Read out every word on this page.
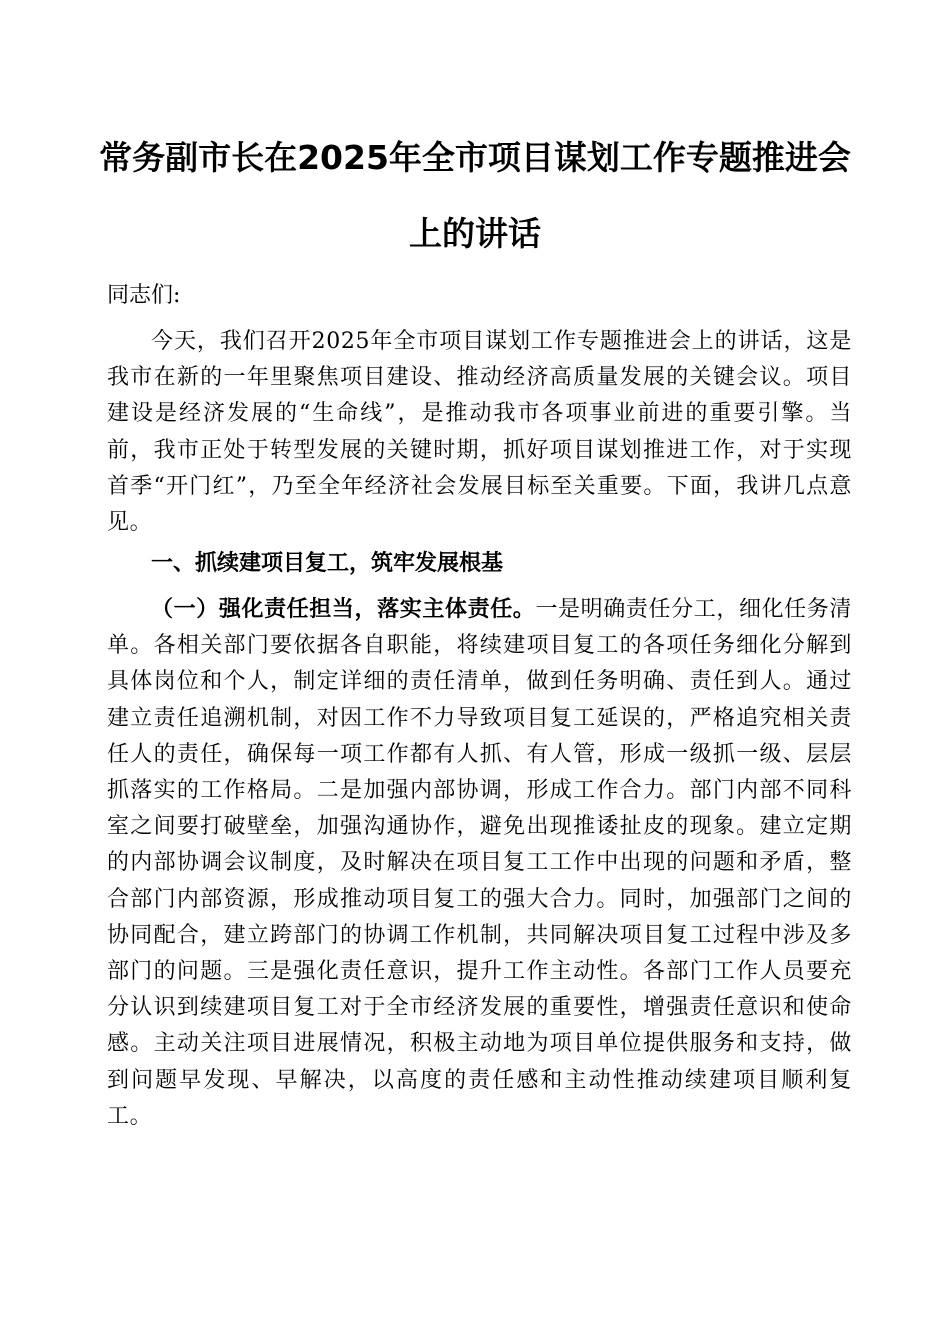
常务副市长在2025年全市项目谋划工作专题推进会上的讲话
同志们:
今天，我们召开2025年全市项目谋划工作专题推进会上的讲话，这是我市在新的一年里聚焦项目建设、推动经济高质量发展的关键会议。项目建设是经济发展的“生命线”，是推动我市各项事业前进的重要引擎。当前，我市正处于转型发展的关键时期，抓好项目谋划推进工作，对于实现首季“开门红”，乃至全年经济社会发展目标至关重要。下面，我讲几点意见。
一、抓续建项目复工，筑牢发展根基
（一）强化责任担当，落实主体责任。一是明确责任分工，细化任务清单。各相关部门要依据各自职能，将续建项目复工的各项任务细化分解到具体岗位和个人，制定详细的责任清单，做到任务明确、责任到人。通过建立责任追溯机制，对因工作不力导致项目复工延误的，严格追究相关责任人的责任，确保每一项工作都有人抓、有人管，形成一级抓一级、层层抓落实的工作格局。二是加强内部协调，形成工作合力。部门内部不同科室之间要打破壁垒，加强沟通协作，避免出现推诿扯皮的现象。建立定期的内部协调会议制度，及时解决在项目复工工作中出现的问题和矛盾，整合部门内部资源，形成推动项目复工的强大合力。同时，加强部门之间的协同配合，建立跨部门的协调工作机制，共同解决项目复工过程中涉及多部门的问题。三是强化责任意识，提升工作主动性。各部门工作人员要充分认识到续建项目复工对于全市经济发展的重要性，增强责任意识和使命感。主动关注项目进展情况，积极主动地为项目单位提供服务和支持，做到问题早发现、早解决，以高度的责任感和主动性推动续建项目顺利复工。
